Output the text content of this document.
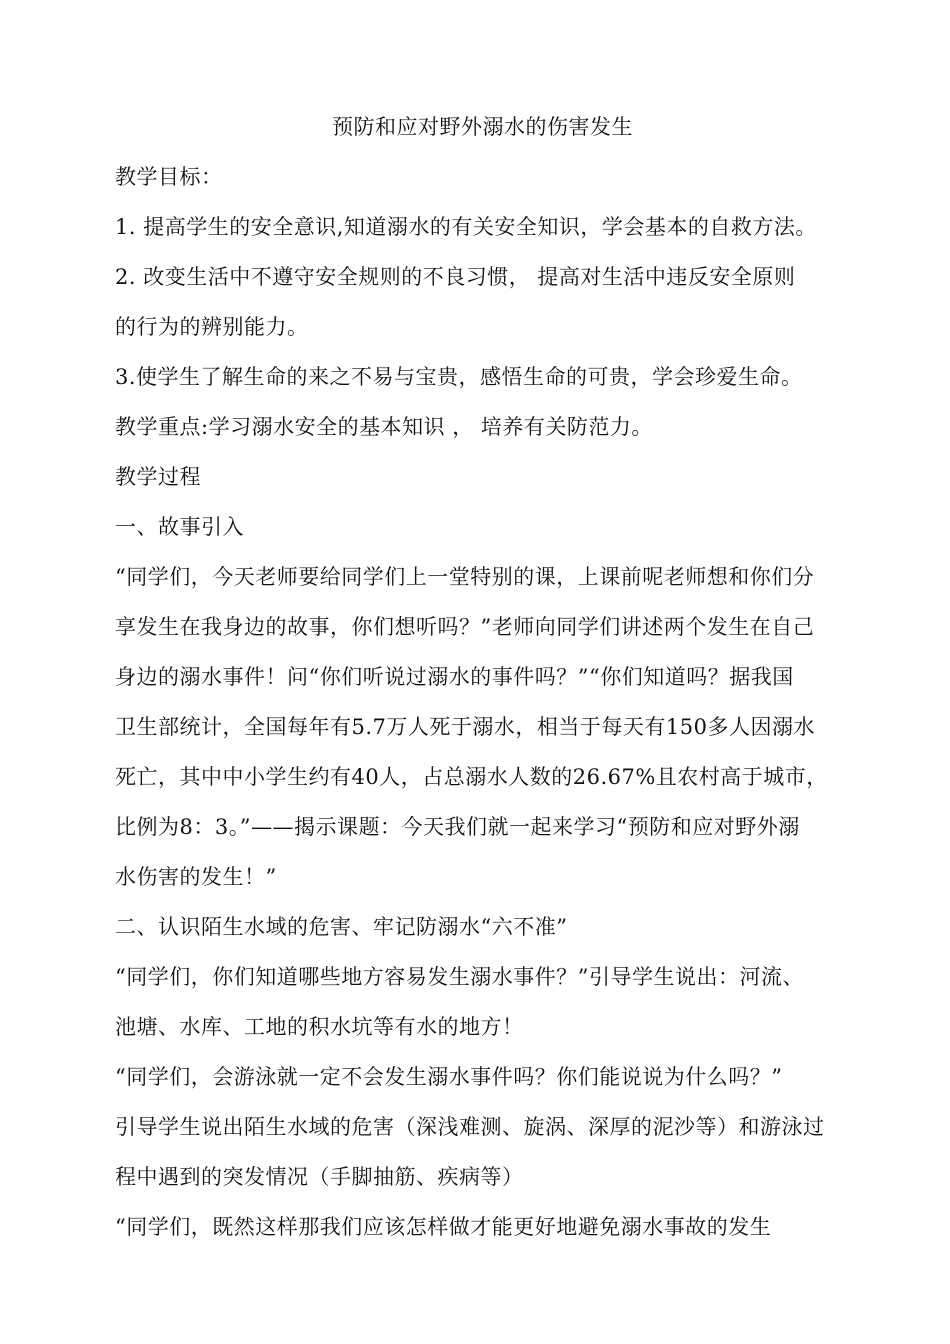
预防和应对野外溺水的伤害发生
教学目标：
1. 提高学生的安全意识,知道溺水的有关安全知识，学会基本的自救方法。
2. 改变生活中不遵守安全规则的不良习惯， 提高对生活中违反安全原则
的行为的辨别能力。
3.使学生了解生命的来之不易与宝贵，感悟生命的可贵，学会珍爱生命。
教学重点:学习溺水安全的基本知识 ， 培养有关防范力。
教学过程
一、故事引入
“同学们，今天老师要给同学们上一堂特别的课，上课前呢老师想和你们分
享发生在我身边的故事，你们想听吗？”老师向同学们讲述两个发生在自己
身边的溺水事件！问“你们听说过溺水的事件吗？”“你们知道吗？据我国
卫生部统计，全国每年有5.7万人死于溺水，相当于每天有150多人因溺水
死亡，其中中小学生约有40人，占总溺水人数的26.67%且农村高于城市，
比例为8：3。”——揭示课题：今天我们就一起来学习“预防和应对野外溺
水伤害的发生！”
二、认识陌生水域的危害、牢记防溺水“六不准”
“同学们，你们知道哪些地方容易发生溺水事件？”引导学生说出：河流、
池塘、水库、工地的积水坑等有水的地方！
“同学们，会游泳就一定不会发生溺水事件吗？你们能说说为什么吗？”
引导学生说出陌生水域的危害（深浅难测、旋涡、深厚的泥沙等）和游泳过
程中遇到的突发情况（手脚抽筋、疾病等）
“同学们，既然这样那我们应该怎样做才能更好地避免溺水事故的发生
